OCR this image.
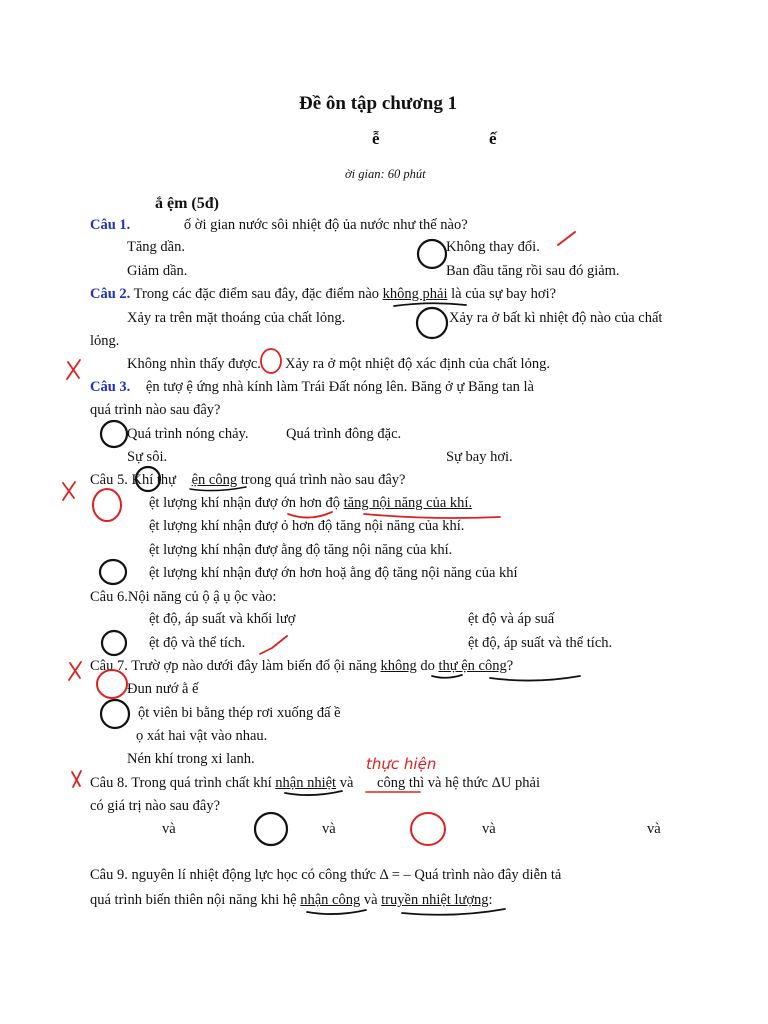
Đề ôn tập chương 1
ễ	ế
ời gian: 60 phút
ắ ệm (5đ)
Câu 1.	ố ời gian nước sôi nhiệt độ ủa nước như thế nào?
Tăng dần.	Không thay đổi.
Giảm dần.	Ban đầu tăng rồi sau đó giảm.
Câu 2. Trong các đặc điểm sau đây, đặc điểm nào không phải là của sự bay hơi?
Xảy ra trên mặt thoáng của chất lỏng.	Xảy ra ở bất kì nhiệt độ nào của chất
lỏng.
Không nhìn thấy được. Xảy ra ở một nhiệt độ xác định của chất lỏng.
Câu 3. ện tượ ệ ứng nhà kính làm Trái Đất nóng lên. Băng ở ự Băng tan là
quá trình nào sau đây?
Quá trình nóng chảy.	Quá trình đông đặc.
Sự sôi.	Sự bay hơi.
Câu 5. Khí thự ện công trong quá trình nào sau đây?
ệt lượng khí nhận đượ ớn hơn độ tăng nội năng của khí.
ệt lượng khí nhận đượ ỏ hơn độ tăng nội năng của khí.
ệt lượng khí nhận đượ ằng độ tăng nội năng của khí.
ệt lượng khí nhận đượ ớn hơn hoặ ằng độ tăng nội năng của khí
Câu 6.Nội năng củ ộ ậ ụ ộc vào:
ệt độ, áp suất và khối lượ	ệt độ và áp suấ
ệt độ và thể tích.	ệt độ, áp suất và thể tích.
Câu 7. Trườ ợp nào dưới đây làm biến đổ ội năng không do thự ện công?
Đun nướ ằ ế
ột viên bi bằng thép rơi xuống đấ ề
ọ xát hai vật vào nhau.
Nén khí trong xi lanh.
Câu 8. Trong quá trình chất khí nhận nhiệt và công thì và hệ thức ΔU phải
có giá trị nào sau đây?
và	và	và	và
Câu 9. nguyên lí nhiệt động lực học có công thức Δ = – Quá trình nào đây diễn tả
quá trình biến thiên nội năng khi hệ nhận công và truyền nhiệt lượng:
thực hiện
